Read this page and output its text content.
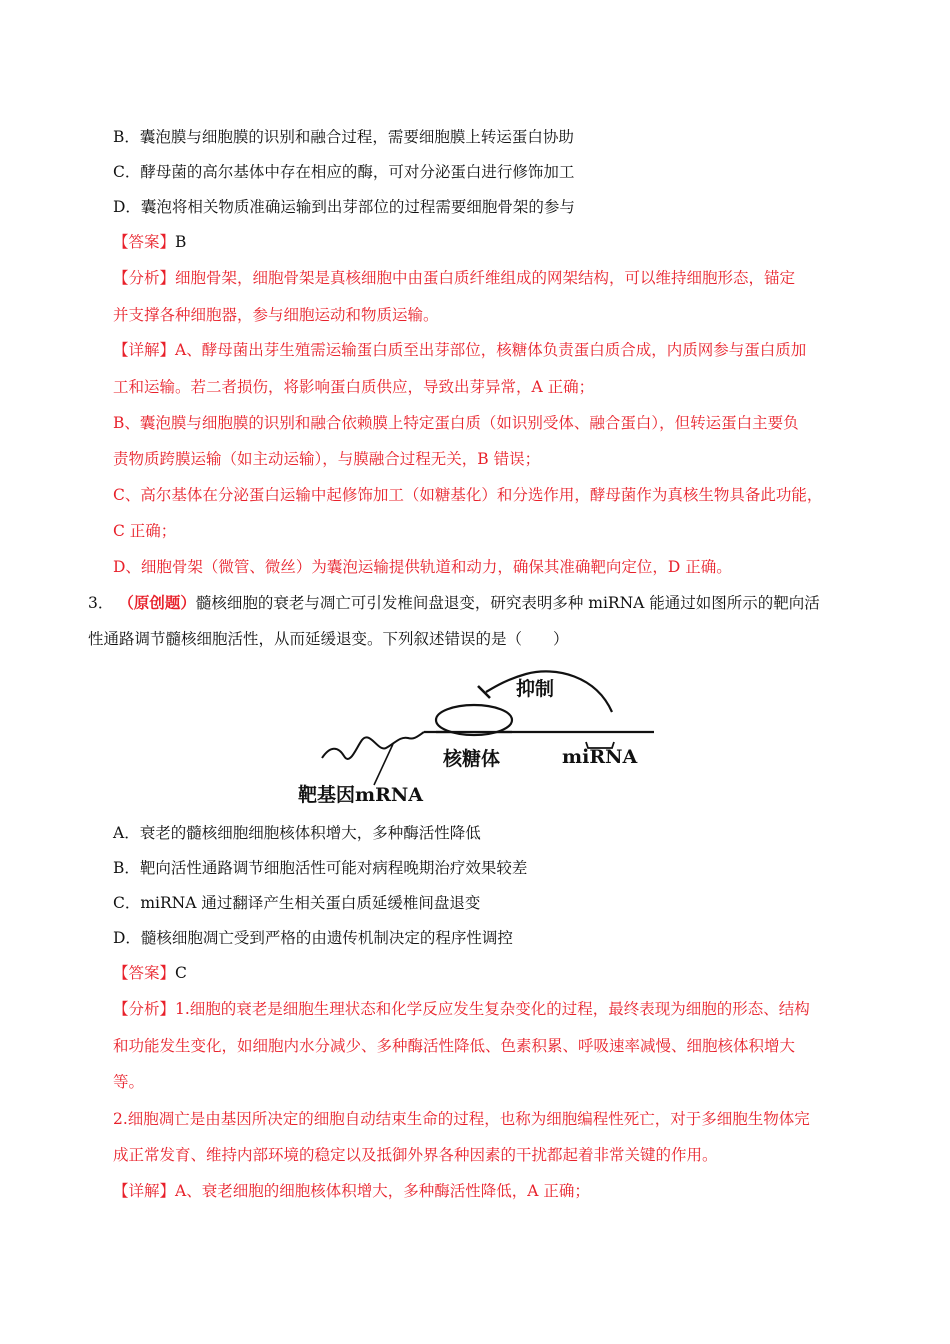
B．囊泡膜与细胞膜的识别和融合过程，需要细胞膜上转运蛋白协助
C．酵母菌的高尔基体中存在相应的酶，可对分泌蛋白进行修饰加工
D．囊泡将相关物质准确运输到出芽部位的过程需要细胞骨架的参与
【答案】B
【分析】细胞骨架，细胞骨架是真核细胞中由蛋白质纤维组成的网架结构，可以维持细胞形态，锚定
并支撑各种细胞器，参与细胞运动和物质运输。
【详解】A、酵母菌出芽生殖需运输蛋白质至出芽部位，核糖体负责蛋白质合成，内质网参与蛋白质加
工和运输。若二者损伤，将影响蛋白质供应，导致出芽异常，A 正确；
B、囊泡膜与细胞膜的识别和融合依赖膜上特定蛋白质（如识别受体、融合蛋白），但转运蛋白主要负
责物质跨膜运输（如主动运输），与膜融合过程无关，B 错误；
C、高尔基体在分泌蛋白运输中起修饰加工（如糖基化）和分选作用，酵母菌作为真核生物具备此功能，
C 正确；
D、细胞骨架（微管、微丝）为囊泡运输提供轨道和动力，确保其准确靶向定位，D 正确。
3． （原创题）髓核细胞的衰老与凋亡可引发椎间盘退变，研究表明多种 miRNA 能通过如图所示的靶向活
性通路调节髓核细胞活性，从而延缓退变。下列叙述错误的是（　　）
抑制
核糖体	miRNA
靶基因mRNA
A．衰老的髓核细胞细胞核体积增大，多种酶活性降低
B．靶向活性通路调节细胞活性可能对病程晚期治疗效果较差
C．miRNA 通过翻译产生相关蛋白质延缓椎间盘退变
D．髓核细胞凋亡受到严格的由遗传机制决定的程序性调控
【答案】C
【分析】1.细胞的衰老是细胞生理状态和化学反应发生复杂变化的过程，最终表现为细胞的形态、结构
和功能发生变化，如细胞内水分减少、多种酶活性降低、色素积累、呼吸速率减慢、细胞核体积增大
等。
2.细胞凋亡是由基因所决定的细胞自动结束生命的过程，也称为细胞编程性死亡，对于多细胞生物体完
成正常发育、维持内部环境的稳定以及抵御外界各种因素的干扰都起着非常关键的作用。
【详解】A、衰老细胞的细胞核体积增大，多种酶活性降低，A 正确；
